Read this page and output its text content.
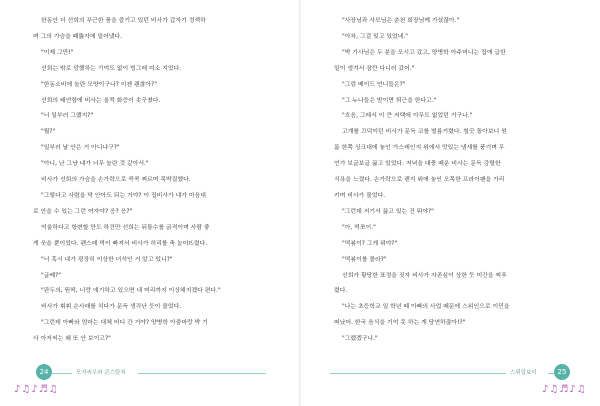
한동안 더 선희의 푸근한 품을 즐기고 있던 비사가 갑자기 정색하

며 그의 가슴을 떼뚫자에 밀어냈다.

"이제 그만!"

선희는 밖로 망했하는 기억도 없이 빙그레 미소 지었다.

"한동소비에 놀란 모양이구나? 이젠 괜찮아?"

선희의 태연함에 비사는 울컥 화증이 솟구쳤다.

"너 일부러 그랬지?"

"뭘?"

"일부러 날 안은 거 아니냐구?"

"아니, 난 그냥 네가 너무 놀란 것 같아서."

비사가 선희의 가슴을 손가락으로 콕콕 찌르며 목박질했다.

"그렇다고 사람을 막 안아도 되는 거야? 이 집비사가 내가 마음대

로 안을 수 있는 그런 여자야? 응? 응?"

억울하다고 항변할 만도 하건만 선희는 뒤통수를 긁적이며 사람 좋

게 웃을 뿐이었다. 괜스레 먹이 빠져서 비사가 허리를 축 늘어뜨렸다.

"너 혹시 내가 굉장히 이상한 녀석인 거 알고 있니?"

"글쎄?"

"판두의, 뭔떡, 너랑 얘기하고 있으면 내 머리까지 이상해지겠다 편다."

비사가 휘휘 손사래를 치다가 문득 생각난 듯이 물었다.

"그런데 아빠와 엄마는 대체 어디 간 거야? 양병학 아줌마랑 박 기

사 아저씨는 왜 또 안 보이고?"

24	모자씨우와 콘스탄쳐
♪♫♪♬♫

"사장님과 사모님은 춘천 회장님께 가셨잖아."

"아차, 그걸 잊고 있었네."

"박 기사님은 두 분을 모시고 갔고, 양병학 아주머니는 집에 급한

일이 생겨서 잠깐 다니러 갔어."

"그럼 베이드 언니들은?"

"그 누나들은 밤이면 퇴근을 한다고."

"흐음, 그래서 이 큰 저택에 아무도 없었던 거구나."

고개를 끄덕이던 비사가 문득 코를 벌름거렸다. 힐끗 돌아보니 원

룸 한쪽 싱크대에 놓인 가스레인지 위에서 맛있는 냄새를 풍기며 무

언가 보글보글 끓고 있었다. 저녁을 대충 때운 비사는 문득 강렬한

식욕을 느꼈다. 손가락으로 렌지 위에 놓인 오목한 프라이팬을 가리

키며 비사가 물었다.

"그런데 저기서 끓고 있는 건 뭐야?"

"아, 떡쪼이."

"떡볶이? 그게 뭐야?"

"떡볶이를 몰라?"

선희가 황당한 표정을 짓자 비사가 자존심이 상한 듯 미간을 찌푸

렸다.

"나는 초등학교 일 학년 때 아빠의 사업 때문에 스위인으로 이민을

떠났어. 한국 음식을 기억 못 하는 게 당연하잖아!?"

"그랬겠구나."

스위일보이	25
♪♫♬♪♫
